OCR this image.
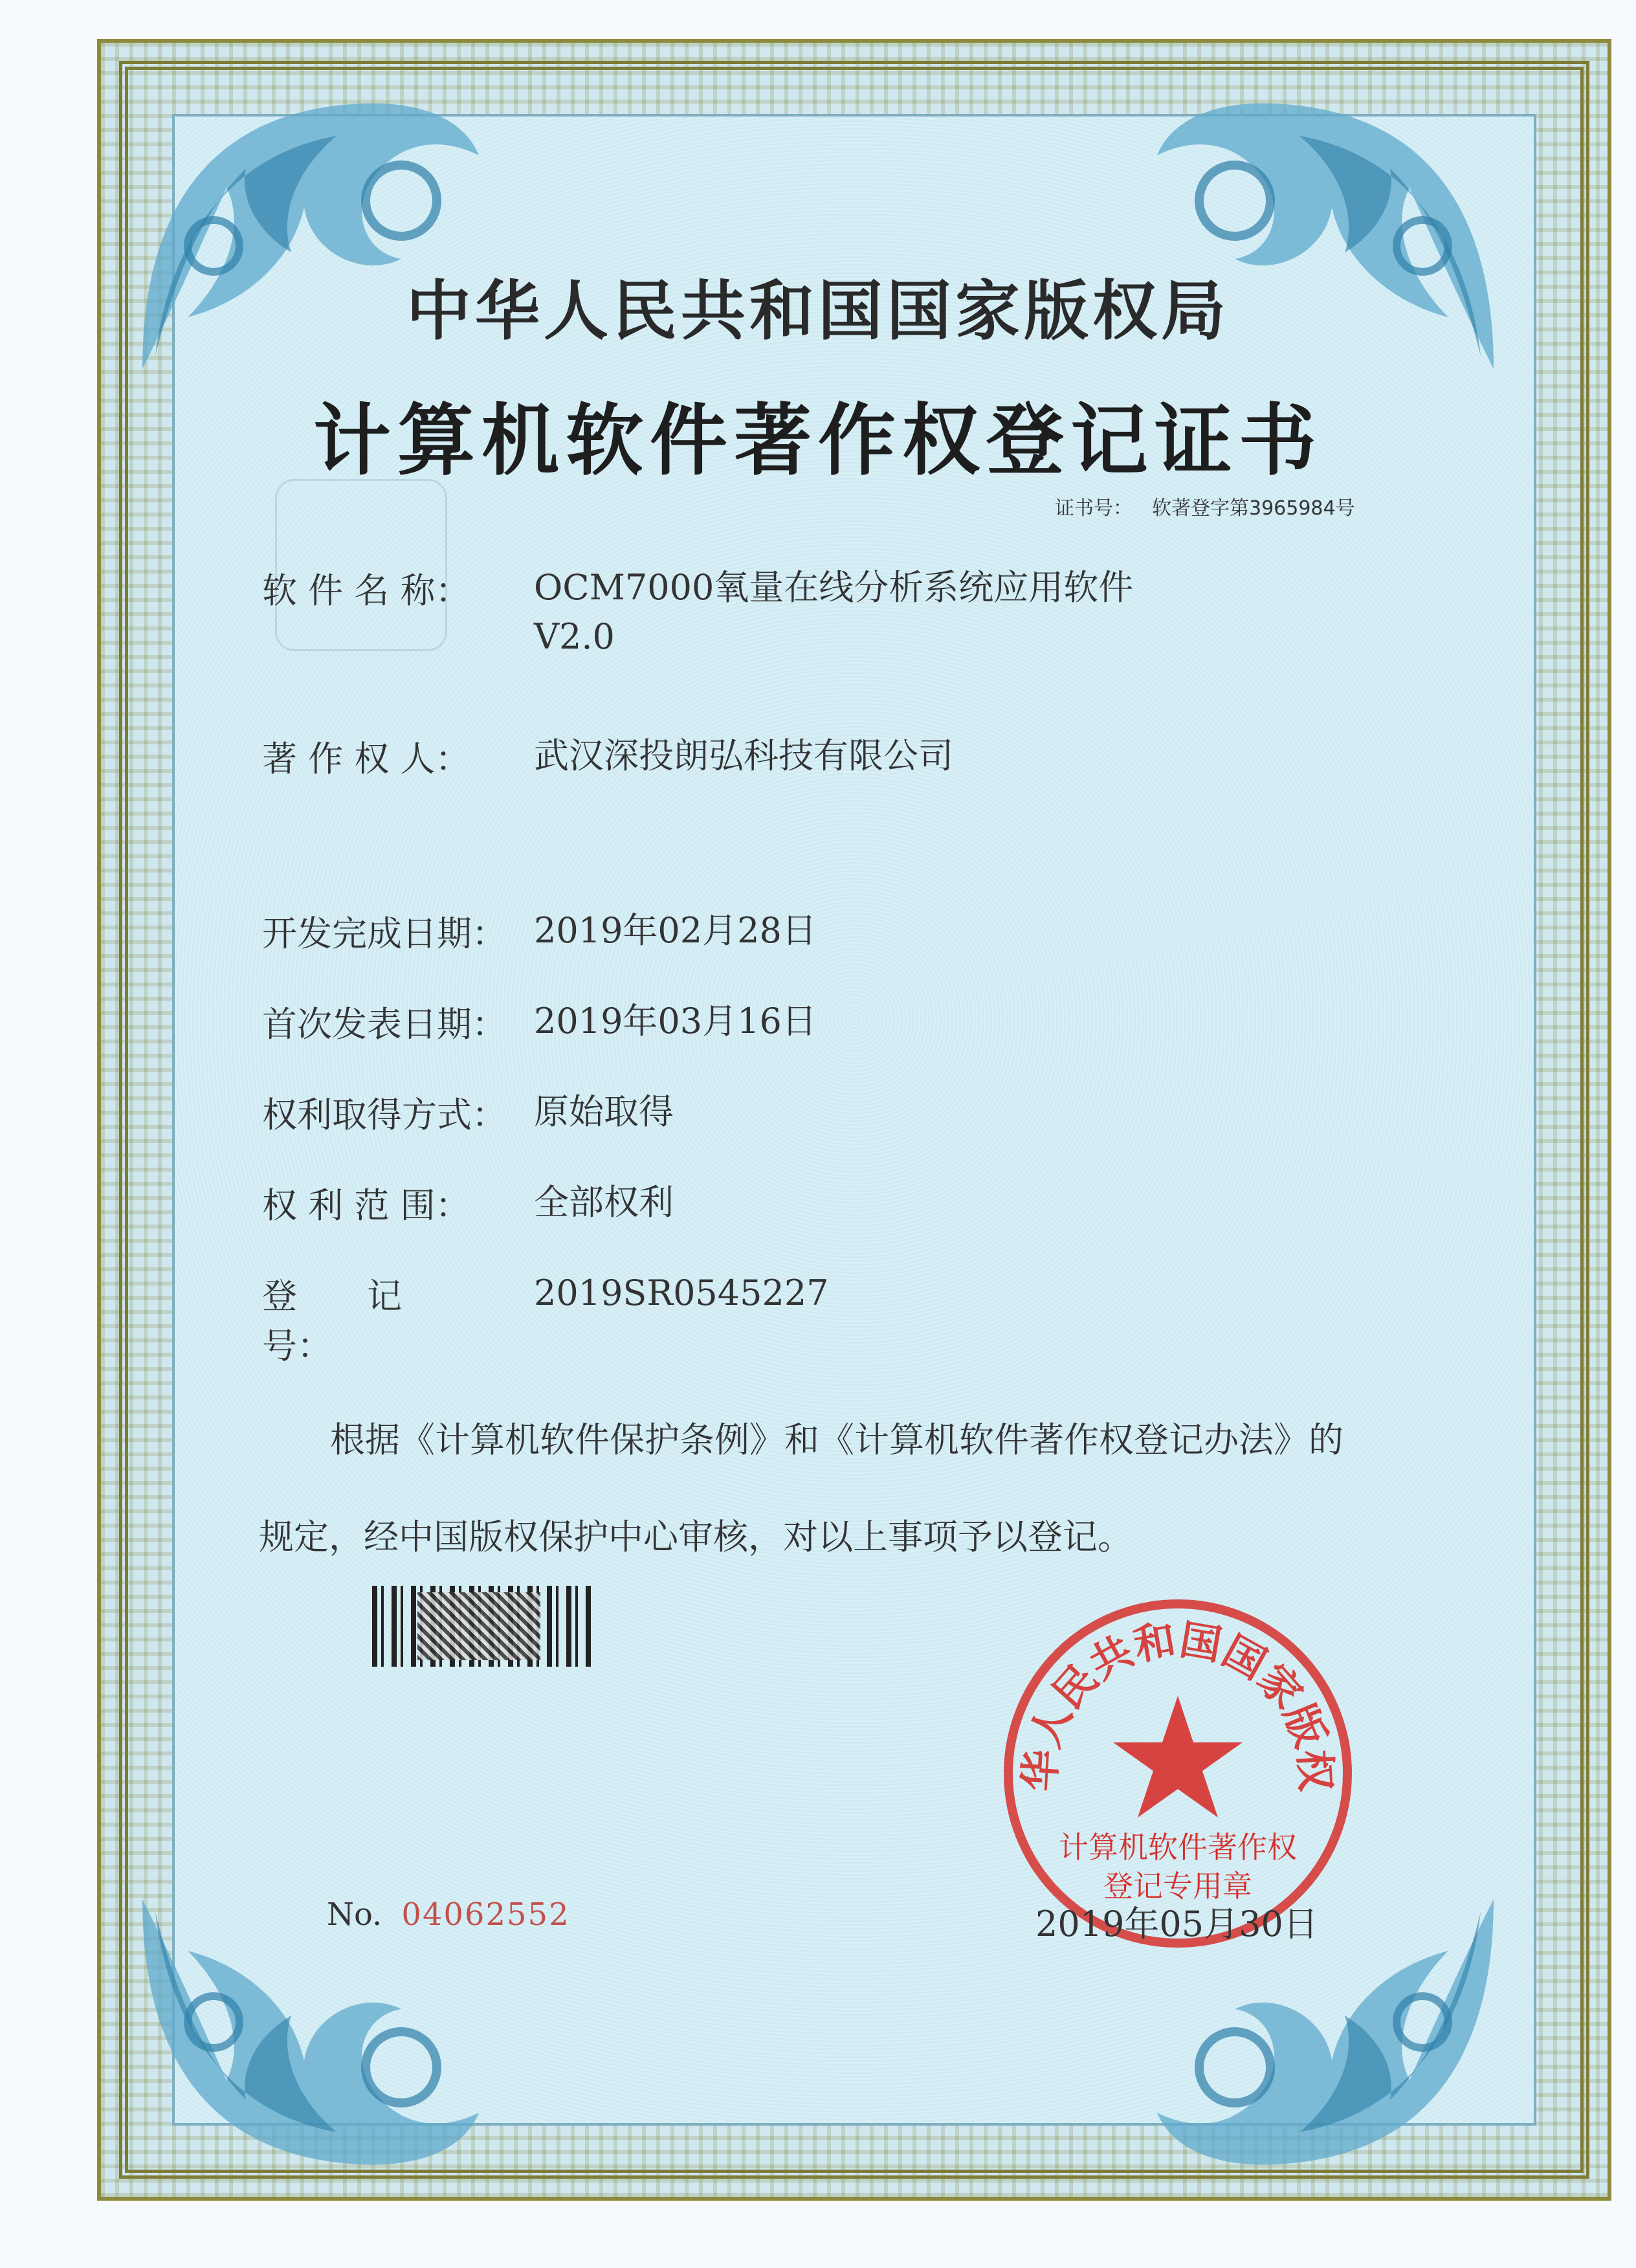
中华人民共和国国家版权局
计算机软件著作权登记证书
证书号： 软著登字第3965984号
软 件 名 称： OCM7000氧量在线分析系统应用软件
V2.0
著 作 权 人： 武汉深投朗弘科技有限公司
开发完成日期： 2019年02月28日
首次发表日期： 2019年03月16日
权利取得方式： 原始取得
权 利 范 围： 全部权利
登　　记　　号：2019SR0545227
根据《计算机软件保护条例》和《计算机软件著作权登记办法》的
规定，经中国版权保护中心审核，对以上事项予以登记。
华人民共和国国家版权
计算机软件著作权
登记专用章
No. 04062552	2019年05月30日
